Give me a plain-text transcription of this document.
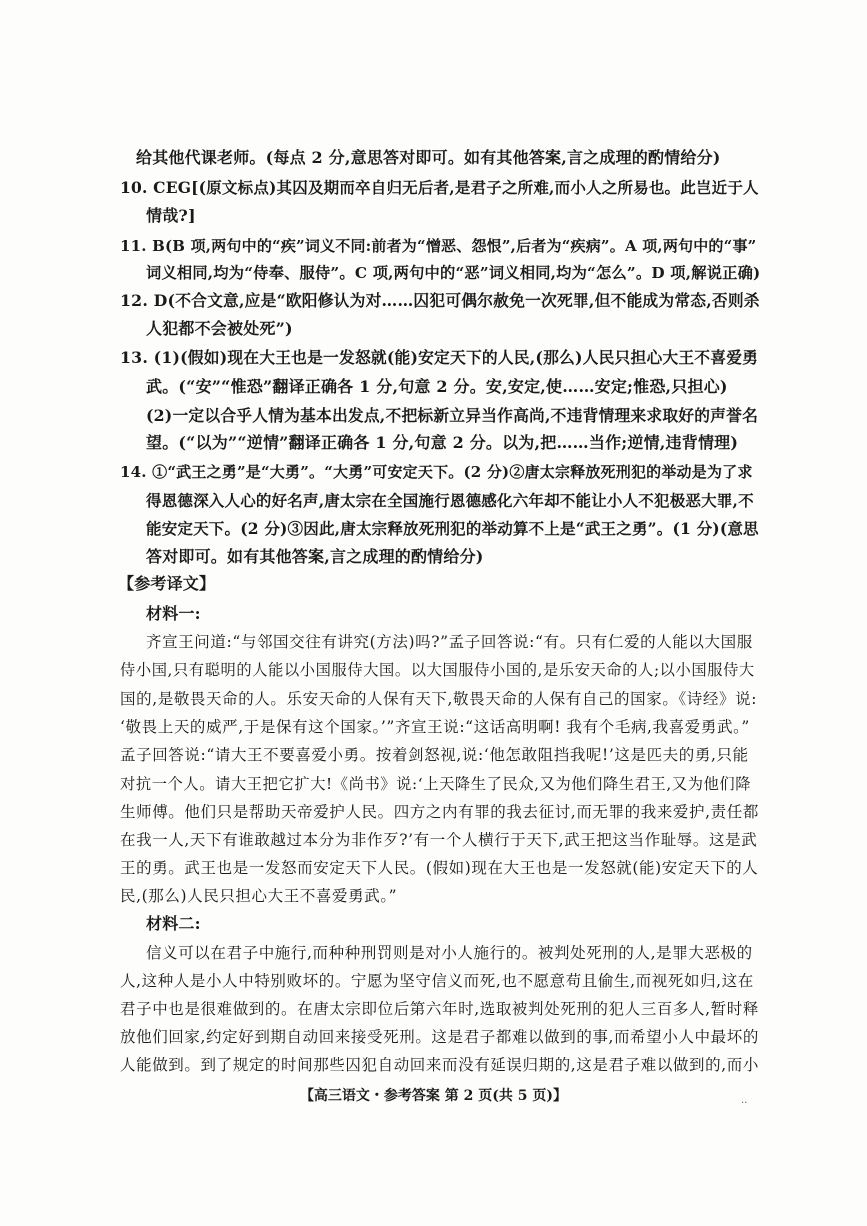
给其他代课老师。(每点 2 分,意思答对即可。如有其他答案,言之成理的酌情给分)
10. CEG[(原文标点)其囚及期而卒自归无后者,是君子之所难,而小人之所易也。此岂近于人
情哉?]
11. B(B 项,两句中的“疾”词义不同:前者为“憎恶、怨恨”,后者为“疾病”。A 项,两句中的“事”
词义相同,均为“侍奉、服侍”。C 项,两句中的“恶”词义相同,均为“怎么”。D 项,解说正确)
12. D(不合文意,应是“欧阳修认为对……囚犯可偶尔赦免一次死罪,但不能成为常态,否则杀
人犯都不会被处死”)
13. (1)(假如)现在大王也是一发怒就(能)安定天下的人民,(那么)人民只担心大王不喜爱勇
武。(“安”“惟恐”翻译正确各 1 分,句意 2 分。安,安定,使……安定;惟恐,只担心)
(2)一定以合乎人情为基本出发点,不把标新立异当作高尚,不违背情理来求取好的声誉名
望。(“以为”“逆情”翻译正确各 1 分,句意 2 分。以为,把……当作;逆情,违背情理)
14. ①“武王之勇”是“大勇”。“大勇”可安定天下。(2 分)②唐太宗释放死刑犯的举动是为了求
得恩德深入人心的好名声,唐太宗在全国施行恩德感化六年却不能让小人不犯极恶大罪,不
能安定天下。(2 分)③因此,唐太宗释放死刑犯的举动算不上是“武王之勇”。(1 分)(意思
答对即可。如有其他答案,言之成理的酌情给分)
【参考译文】
材料一:
齐宣王问道:“与邻国交往有讲究(方法)吗?”孟子回答说:“有。只有仁爱的人能以大国服
侍小国,只有聪明的人能以小国服侍大国。以大国服侍小国的,是乐安天命的人;以小国服侍大
国的,是敬畏天命的人。乐安天命的人保有天下,敬畏天命的人保有自己的国家。《诗经》说:
‘敬畏上天的威严,于是保有这个国家。’”齐宣王说:“这话高明啊! 我有个毛病,我喜爱勇武。”
孟子回答说:“请大王不要喜爱小勇。按着剑怒视,说:‘他怎敢阻挡我呢!’这是匹夫的勇,只能
对抗一个人。请大王把它扩大!《尚书》说:‘上天降生了民众,又为他们降生君王,又为他们降
生师傅。他们只是帮助天帝爱护人民。四方之内有罪的我去征讨,而无罪的我来爱护,责任都
在我一人,天下有谁敢越过本分为非作歹?’有一个人横行于天下,武王把这当作耻辱。这是武
王的勇。武王也是一发怒而安定天下人民。(假如)现在大王也是一发怒就(能)安定天下的人
民,(那么)人民只担心大王不喜爱勇武。”
材料二:
信义可以在君子中施行,而种种刑罚则是对小人施行的。被判处死刑的人,是罪大恶极的
人,这种人是小人中特别败坏的。宁愿为坚守信义而死,也不愿意苟且偷生,而视死如归,这在
君子中也是很难做到的。在唐太宗即位后第六年时,选取被判处死刑的犯人三百多人,暂时释
放他们回家,约定好到期自动回来接受死刑。这是君子都难以做到的事,而希望小人中最坏的
人能做到。到了规定的时间那些囚犯自动回来而没有延误归期的,这是君子难以做到的,而小
【高三语文・参考答案 第 2 页(共 5 页)】	..
